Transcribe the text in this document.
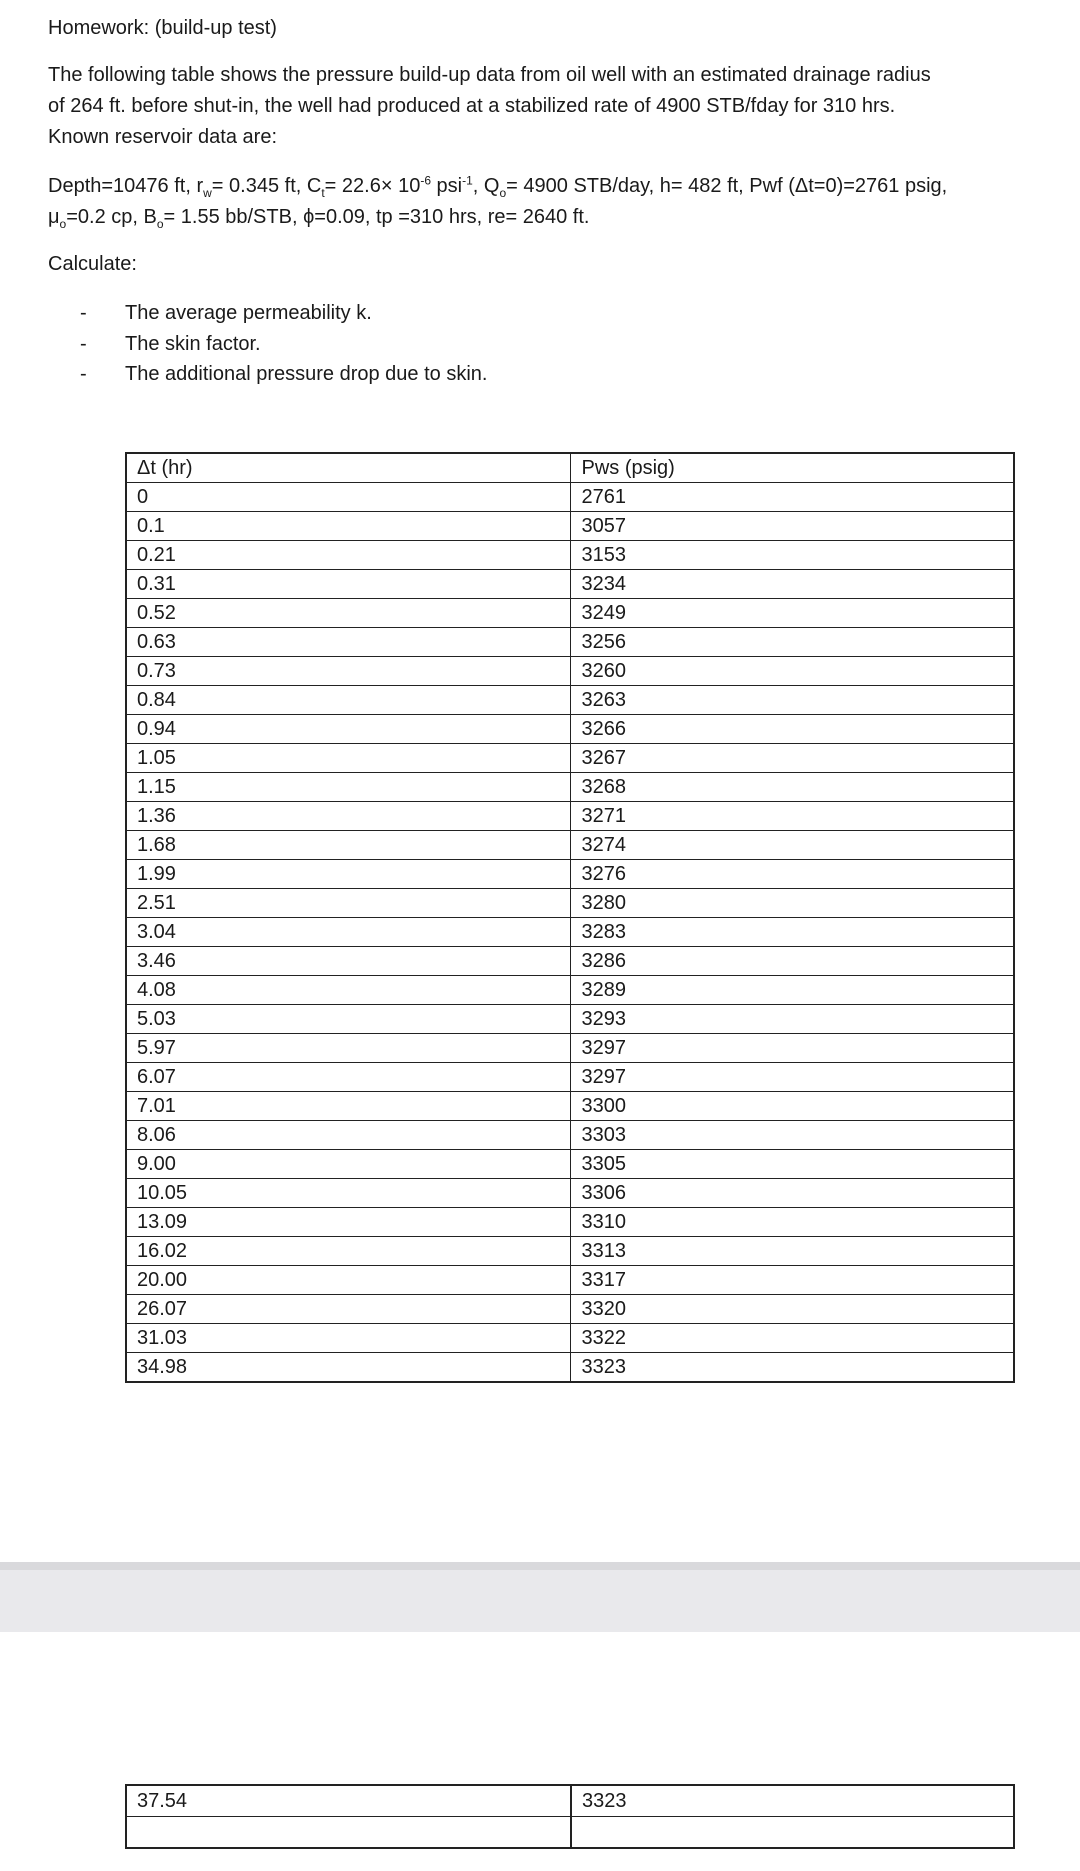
Homework: (build-up test)

The following table shows the pressure build-up data from oil well with an estimated drainage radius

of 264 ft. before shut-in, the well had produced at a stabilized rate of 4900 STB/fday for 310 hrs.

Known reservoir data are:

Depth=10476 ft, $r_w= 0.345$ ft, $C_t= 22.6\times 10^{-6}$ psi$^{-1}$, $Q_o= 4900$ STB/day, h= 482 ft, Pwf (Δt=0)=2761 psig,
$\mu_o=0.2$ cp, $B_o= 1.55$ bb/STB, ϕ=0.09, tp =310 hrs, re= 2640 ft.
Calculate:
-	The average permeability k.
-	The skin factor.
-	The additional pressure drop due to skin.
Δt (hr)	Pws (psig)
0	2761
0.1	3057
0.21	3153
0.31	3234
0.52	3249
0.63	3256
0.73	3260
0.84	3263
0.94	3266
1.05	3267
1.15	3268
1.36	3271
1.68	3274
1.99	3276
2.51	3280
3.04	3283
3.46	3286
4.08	3289
5.03	3293
5.97	3297
6.07	3297
7.01	3300
8.06	3303
9.00	3305
10.05	3306
13.09	3310
16.02	3313
20.00	3317
26.07	3320
31.03	3322
34.98	3323
37.54	3323
